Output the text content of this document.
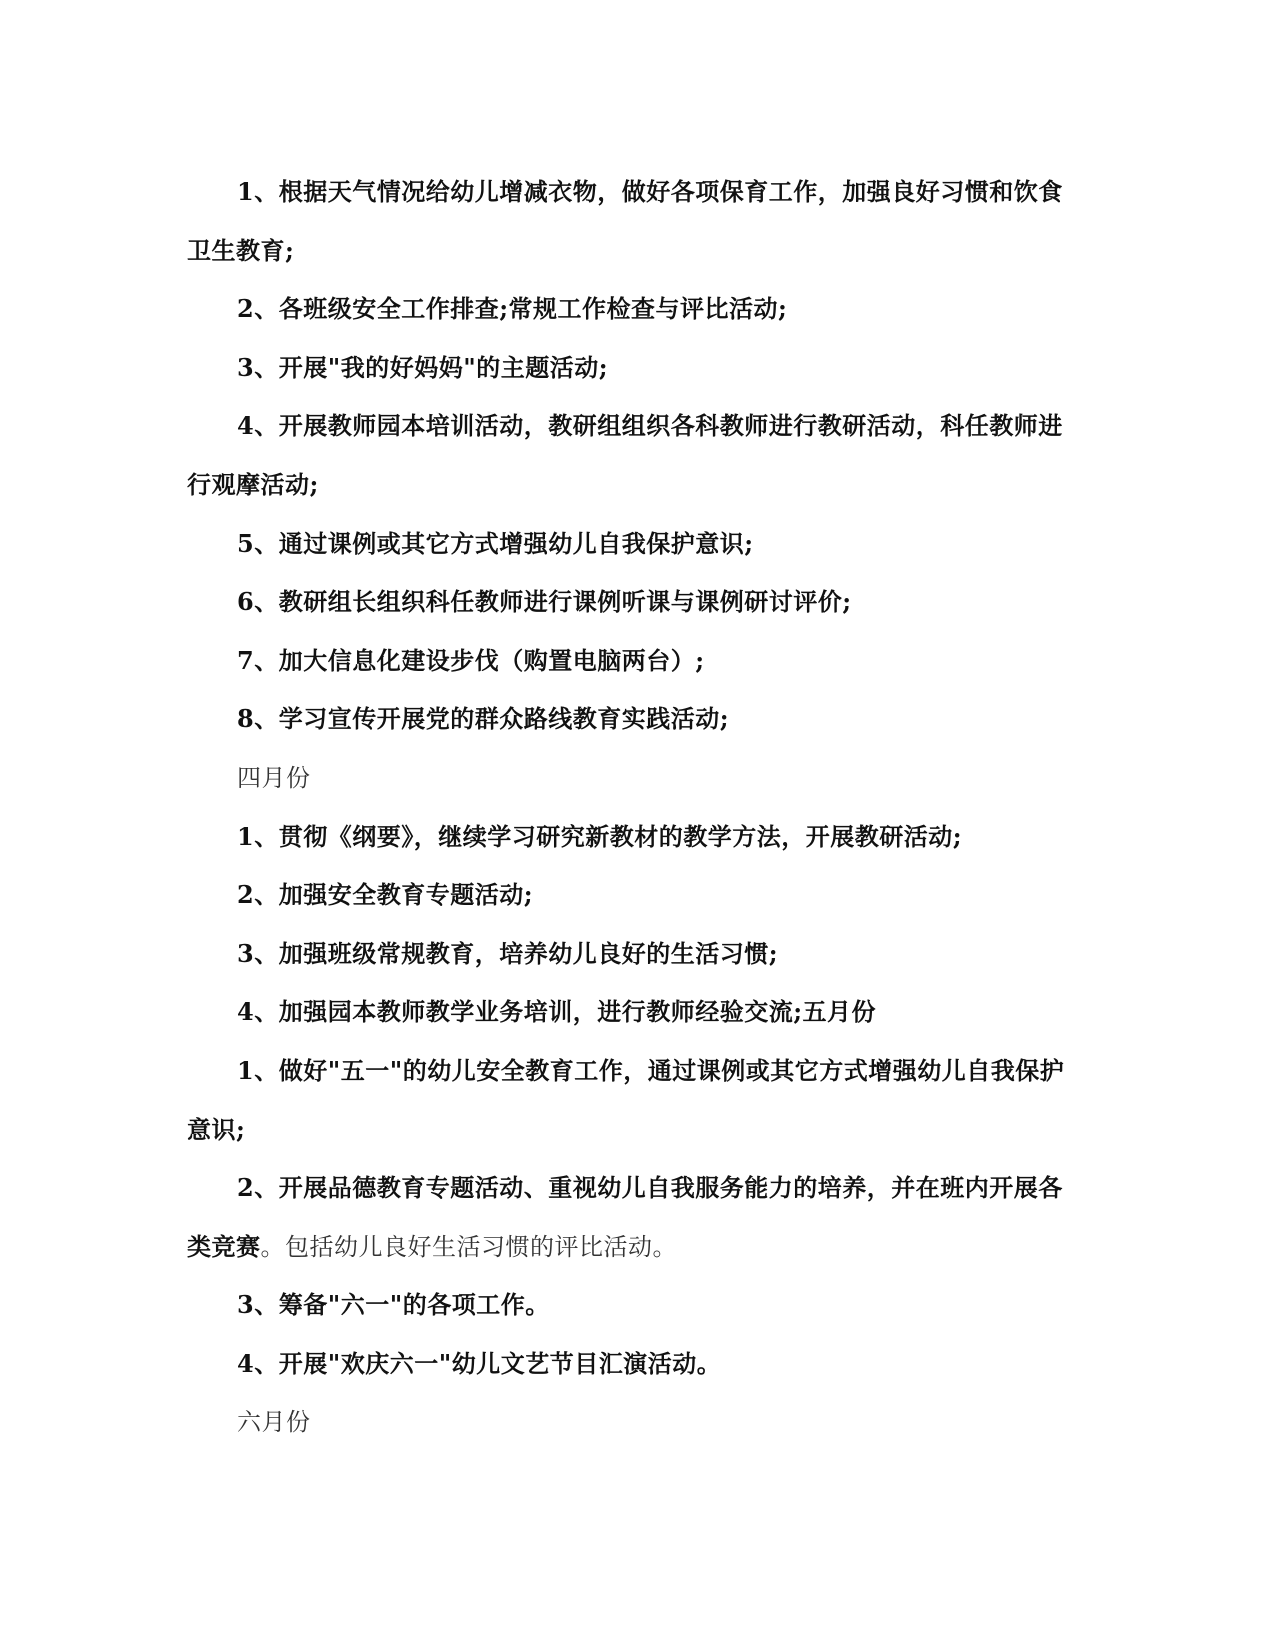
1、根据天气情况给幼儿增减衣物，做好各项保育工作，加强良好习惯和饮食
卫生教育;
2、各班级安全工作排查;常规工作检查与评比活动;
3、开展"我的好妈妈"的主题活动;
4、开展教师园本培训活动，教研组组织各科教师进行教研活动，科任教师进
行观摩活动;
5、通过课例或其它方式增强幼儿自我保护意识;
6、教研组长组织科任教师进行课例听课与课例研讨评价;
7、加大信息化建设步伐（购置电脑两台）;
8、学习宣传开展党的群众路线教育实践活动;
四月份
1、贯彻《纲要》，继续学习研究新教材的教学方法，开展教研活动;
2、加强安全教育专题活动;
3、加强班级常规教育，培养幼儿良好的生活习惯;
4、加强园本教师教学业务培训，进行教师经验交流;五月份
1、做好"五一"的幼儿安全教育工作，通过课例或其它方式增强幼儿自我保护
意识;
2、开展品德教育专题活动、重视幼儿自我服务能力的培养，并在班内开展各
类竞赛。包括幼儿良好生活习惯的评比活动。
3、筹备"六一"的各项工作。
4、开展"欢庆六一"幼儿文艺节目汇演活动。
六月份
